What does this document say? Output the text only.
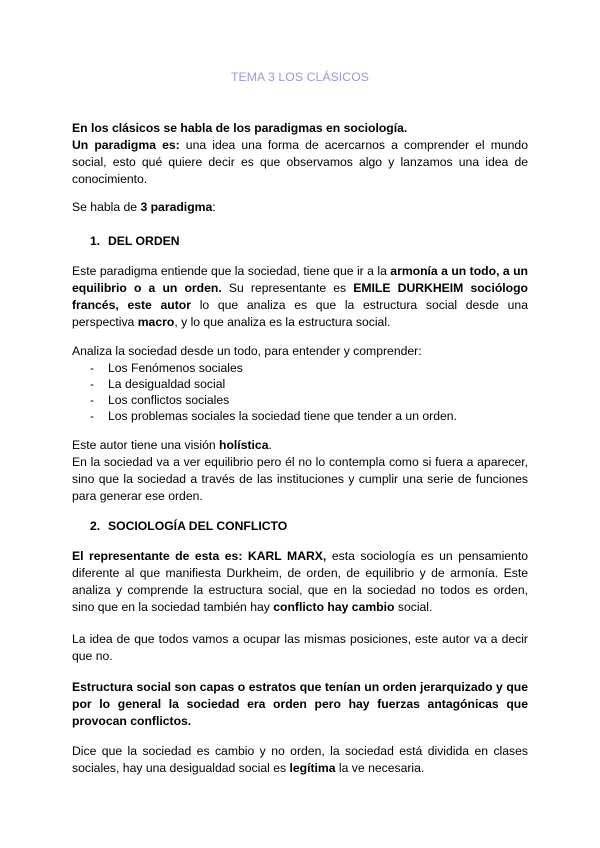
TEMA 3 LOS CLÁSICOS
En los clásicos se habla de los paradigmas en sociología.
Un paradigma es: una idea una forma de acercarnos a comprender el mundo social, esto qué quiere decir es que observamos algo y lanzamos una idea de conocimiento.
Se habla de 3 paradigma:
1. DEL ORDEN
Este paradigma entiende que la sociedad, tiene que ir a la armonía a un todo, a un equilibrio o a un orden. Su representante es EMILE DURKHEIM sociólogo francés, este autor lo que analiza es que la estructura social desde una perspectiva macro, y lo que analiza es la estructura social.
Analiza la sociedad desde un todo, para entender y comprender:
- Los Fenómenos sociales
- La desigualdad social
- Los conflictos sociales
- Los problemas sociales la sociedad tiene que tender a un orden.
Este autor tiene una visión holística.
En la sociedad va a ver equilibrio pero él no lo contempla como si fuera a aparecer, sino que la sociedad a través de las instituciones y cumplir una serie de funciones para generar ese orden.
2. SOCIOLOGÍA DEL CONFLICTO
El representante de esta es: KARL MARX, esta sociología es un pensamiento diferente al que manifiesta Durkheim, de orden, de equilibrio y de armonía. Este analiza y comprende la estructura social, que en la sociedad no todos es orden, sino que en la sociedad también hay conflicto hay cambio social.
La idea de que todos vamos a ocupar las mismas posiciones, este autor va a decir que no.
Estructura social son capas o estratos que tenían un orden jerarquizado y que por lo general la sociedad era orden pero hay fuerzas antagónicas que provocan conflictos.
Dice que la sociedad es cambio y no orden, la sociedad está dividida en clases sociales, hay una desigualdad social es legítima la ve necesaria.
